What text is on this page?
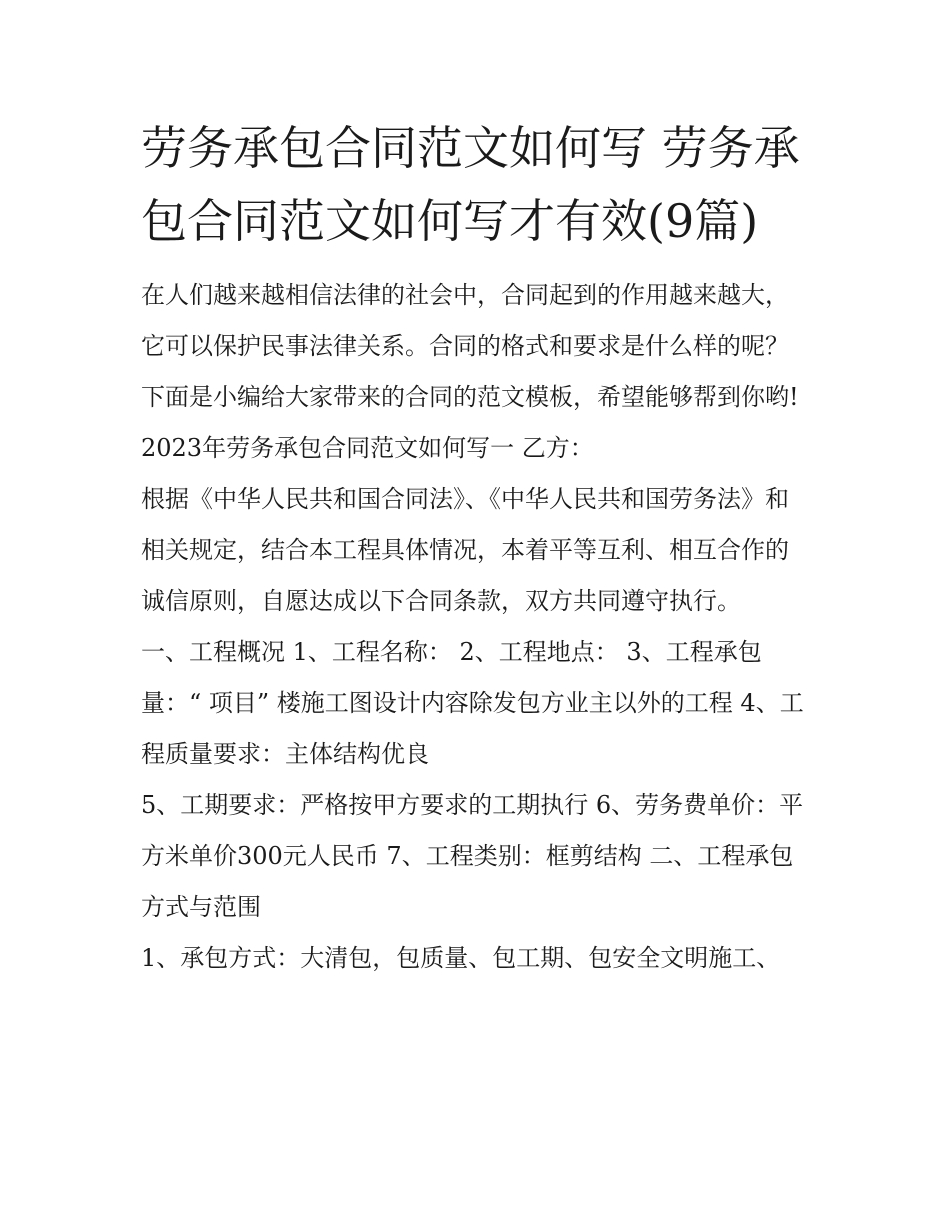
劳务承包合同范文如何写 劳务承包合同范文如何写才有效(9篇)

在人们越来越相信法律的社会中，合同起到的作用越来越大，它可以保护民事法律关系。合同的格式和要求是什么样的呢？下面是小编给大家带来的合同的范文模板，希望能够帮到你哟!

2023年劳务承包合同范文如何写一 乙方：

根据《中华人民共和国合同法》、《中华人民共和国劳务法》和相关规定，结合本工程具体情况，本着平等互利、相互合作的诚信原则，自愿达成以下合同条款，双方共同遵守执行。

一、工程概况 1、工程名称： 2、工程地点： 3、工程承包量：“ 项目” 楼施工图设计内容除发包方业主以外的工程 4、工程质量要求：主体结构优良

5、工期要求：严格按甲方要求的工期执行 6、劳务费单价：平方米单价300元人民币 7、工程类别：框剪结构 二、工程承包方式与范围

1、承包方式：大清包，包质量、包工期、包安全文明施工、
